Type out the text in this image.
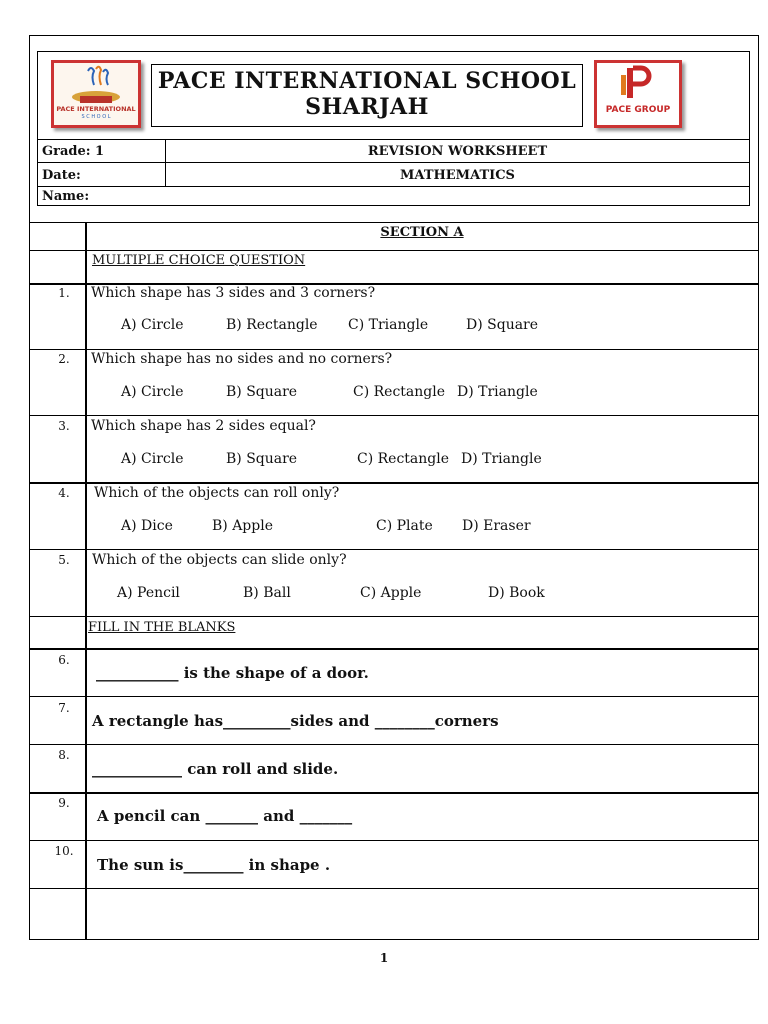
PACE INTERNATIONAL
S C H O O L
PACE INTERNATIONAL SCHOOL
SHARJAH	PACE GROUP
Grade: 1	REVISION WORKSHEET
Date:	MATHEMATICS
Name:
SECTION A
MULTIPLE CHOICE QUESTION
1.	Which shape has 3 sides and 3 corners?
A) Circle	B) Rectangle C) Triangle	D) Square
2.	Which shape has no sides and no corners?
A) Circle	B) Square	C) Rectangle D) Triangle
3.	Which shape has 2 sides equal?
A) Circle	B) Square	C) Rectangle D) Triangle
4.	Which of the objects can roll only?
A) Dice	B) Apple	C) Plate D) Eraser
5.	Which of the objects can slide only?
A) Pencil	B) Ball	C) Apple	D) Book
FILL IN THE BLANKS
6.
___________ is the shape of a door.
7.
A rectangle has_________sides and ________corners
8.
____________ can roll and slide.
9.
A pencil can _______ and _______
10.
The sun is________ in shape .
1
